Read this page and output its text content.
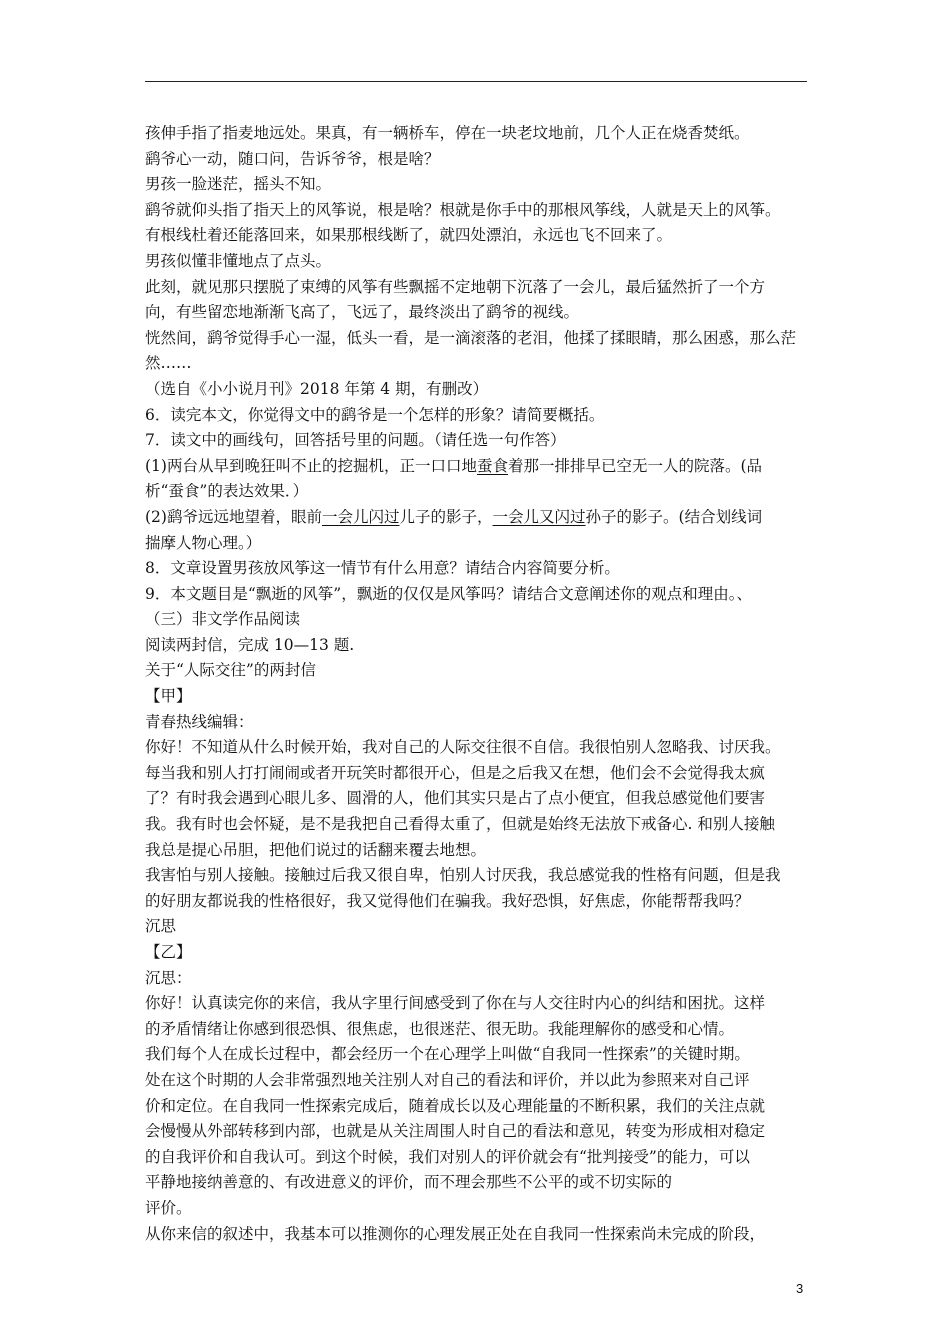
孩伸手指了指麦地远处。果真，有一辆桥车，停在一块老坟地前，几个人正在烧香焚纸。
鹞爷心一动，随口问，告诉爷爷，根是啥？
男孩一脸迷茫，摇头不知。
鹞爷就仰头指了指天上的风筝说，根是啥？根就是你手中的那根风筝线，人就是天上的风筝。
有根线杜着还能落回来，如果那根线断了，就四处漂泊，永远也飞不回来了。
男孩似懂非懂地点了点头。
此刻，就见那只摆脱了束缚的风筝有些飘摇不定地朝下沉落了一会儿，最后猛然折了一个方
向，有些留恋地渐渐飞高了，飞远了，最终淡出了鹞爷的视线。
恍然间，鹞爷觉得手心一湿，低头一看，是一滴滚落的老泪，他揉了揉眼睛，那么困惑，那么茫
然……
（选自《小小说月刊》2018 年第 4 期，有删改）
6．读完本文，你觉得文中的鹞爷是一个怎样的形象？请简要概括。
7．读文中的画线句，回答括号里的问题。（请任选一句作答）
(1)两台从早到晚狂叫不止的挖掘机，正一口口地蚕食着那一排排早已空无一人的院落。(品
析“蚕食”的表达效果．）
(2)鹞爷远远地望着，眼前一会儿闪过儿子的影子，一会儿又闪过孙子的影子。(结合划线词
揣摩人物心理。）
8．文章设置男孩放风筝这一情节有什么用意？请结合内容简要分析。
9．本文题目是“飘逝的风筝”，飘逝的仅仅是风筝吗？请结合文意阐述你的观点和理由。、
（三）非文学作品阅读
阅读两封信，完成 10—13 题.
关于“人际交往”的两封信
【甲】
青春热线编辑：
你好！不知道从什么时候开始，我对自己的人际交往很不自信。我很怕别人忽略我、讨厌我。
每当我和别人打打闹闹或者开玩笑时都很开心，但是之后我又在想，他们会不会觉得我太疯
了？有时我会遇到心眼儿多、圆滑的人，他们其实只是占了点小便宜，但我总感觉他们要害
我。我有时也会怀疑，是不是我把自己看得太重了，但就是始终无法放下戒备心. 和别人接触
我总是提心吊胆，把他们说过的话翻来覆去地想。
我害怕与别人接触。接触过后我又很自卑，怕别人讨厌我，我总感觉我的性格有问题，但是我
的好朋友都说我的性格很好，我又觉得他们在骗我。我好恐惧，好焦虑，你能帮帮我吗？
沉思
【乙】
沉思：
你好！认真读完你的来信，我从字里行间感受到了你在与人交往时内心的纠结和困扰。这样
的矛盾情绪让你感到很恐惧、很焦虑，也很迷茫、很无助。我能理解你的感受和心情。
我们每个人在成长过程中，都会经历一个在心理学上叫做“自我同一性探索”的关键时期。
处在这个时期的人会非常强烈地关注别人对自己的看法和评价，并以此为参照来对自己评
价和定位。在自我同一性探索完成后，随着成长以及心理能量的不断积累，我们的关注点就
会慢慢从外部转移到内部，也就是从关注周围人时自己的看法和意见，转变为形成相对稳定
的自我评价和自我认可。到这个时候，我们对别人的评价就会有“批判接受”的能力，可以
平静地接纳善意的、有改进意义的评价，而不理会那些不公平的或不切实际的
评价。
从你来信的叙述中，我基本可以推测你的心理发展正处在自我同一性探索尚未完成的阶段，
3
